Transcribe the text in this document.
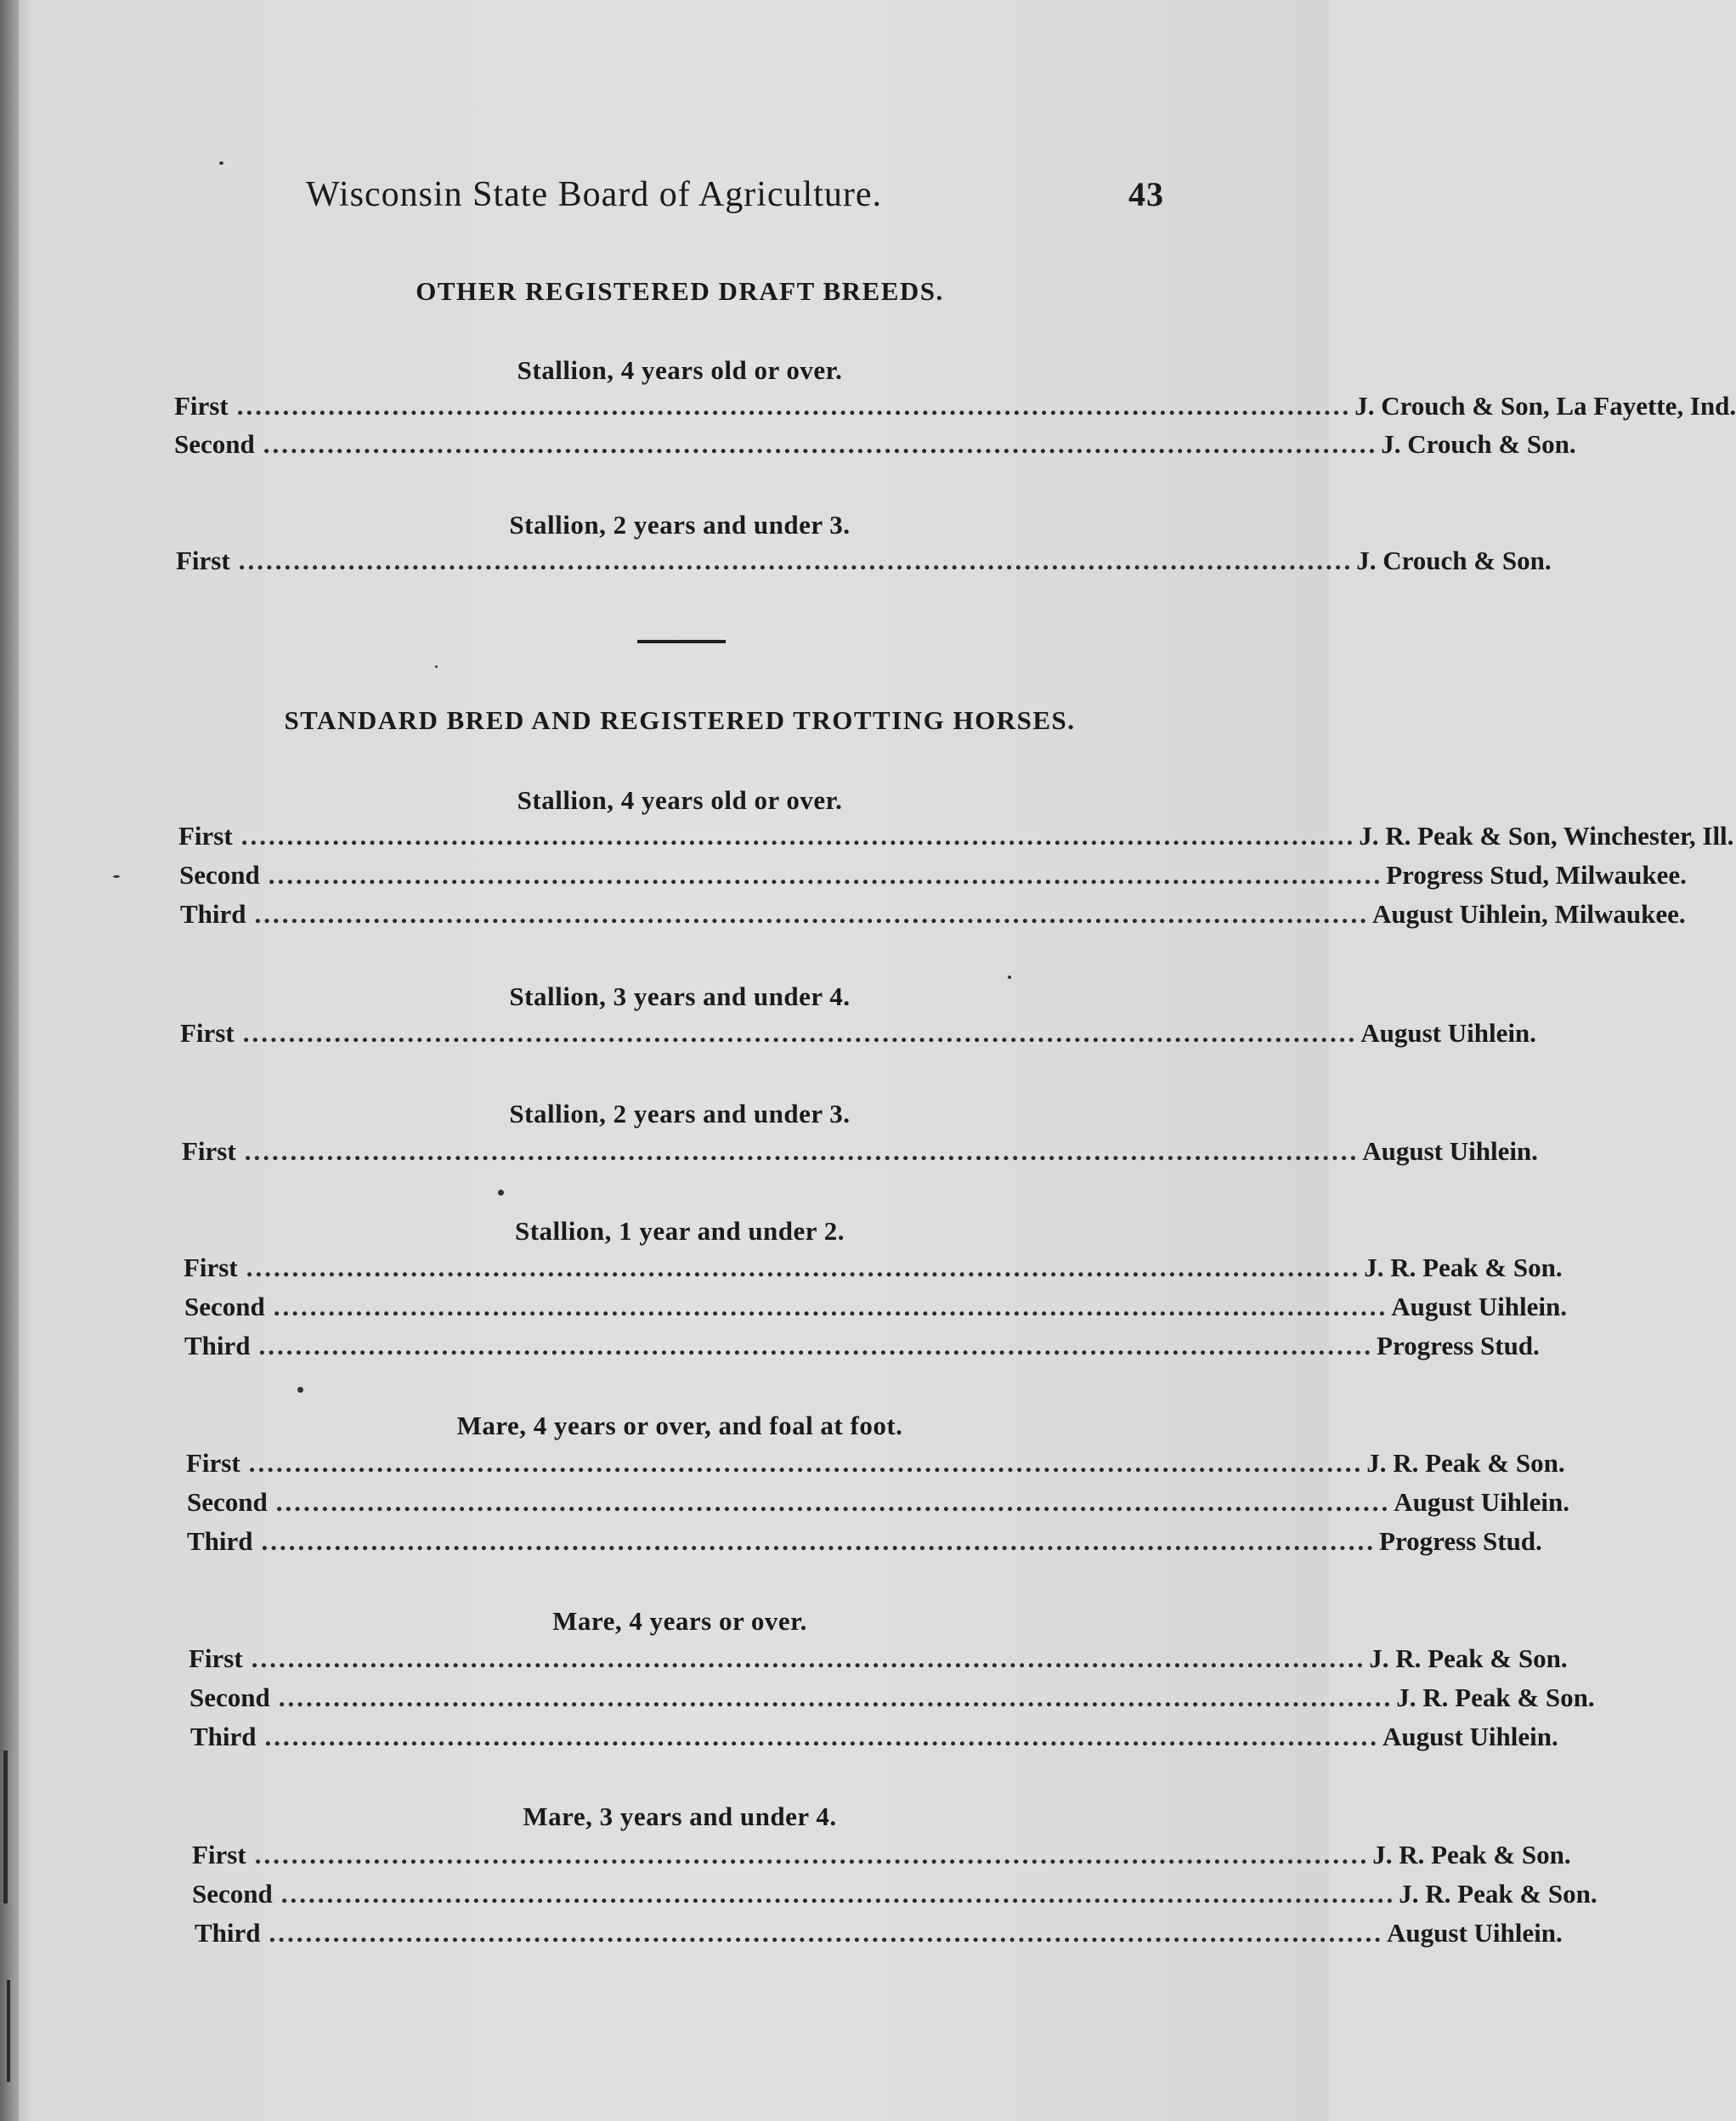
Wisconsin State Board of Agriculture.	43
OTHER REGISTERED DRAFT BREEDS.
Stallion, 4 years old or over.
First .......................................................................................................................... J. Crouch & Son, La Fayette, Ind.
Second .......................................................................................................................... J. Crouch & Son.
Stallion, 2 years and under 3.
First .......................................................................................................................... J. Crouch & Son.
STANDARD BRED AND REGISTERED TROTTING HORSES.
Stallion, 4 years old or over.
First .......................................................................................................................... J. R. Peak & Son, Winchester, Ill.
Second .......................................................................................................................... Progress Stud, Milwaukee.
Third .......................................................................................................................... August Uihlein, Milwaukee.
Stallion, 3 years and under 4.
First .......................................................................................................................... August Uihlein.
Stallion, 2 years and under 3.
First .......................................................................................................................... August Uihlein.
Stallion, 1 year and under 2.
First .......................................................................................................................... J. R. Peak & Son.
Second .......................................................................................................................... August Uihlein.
Third .......................................................................................................................... Progress Stud.
Mare, 4 years or over, and foal at foot.
First .......................................................................................................................... J. R. Peak & Son.
Second .......................................................................................................................... August Uihlein.
Third .......................................................................................................................... Progress Stud.
Mare, 4 years or over.
First .......................................................................................................................... J. R. Peak & Son.
Second .......................................................................................................................... J. R. Peak & Son.
Third .......................................................................................................................... August Uihlein.
Mare, 3 years and under 4.
First .......................................................................................................................... J. R. Peak & Son.
Second .......................................................................................................................... J. R. Peak & Son.
Third .......................................................................................................................... August Uihlein.
